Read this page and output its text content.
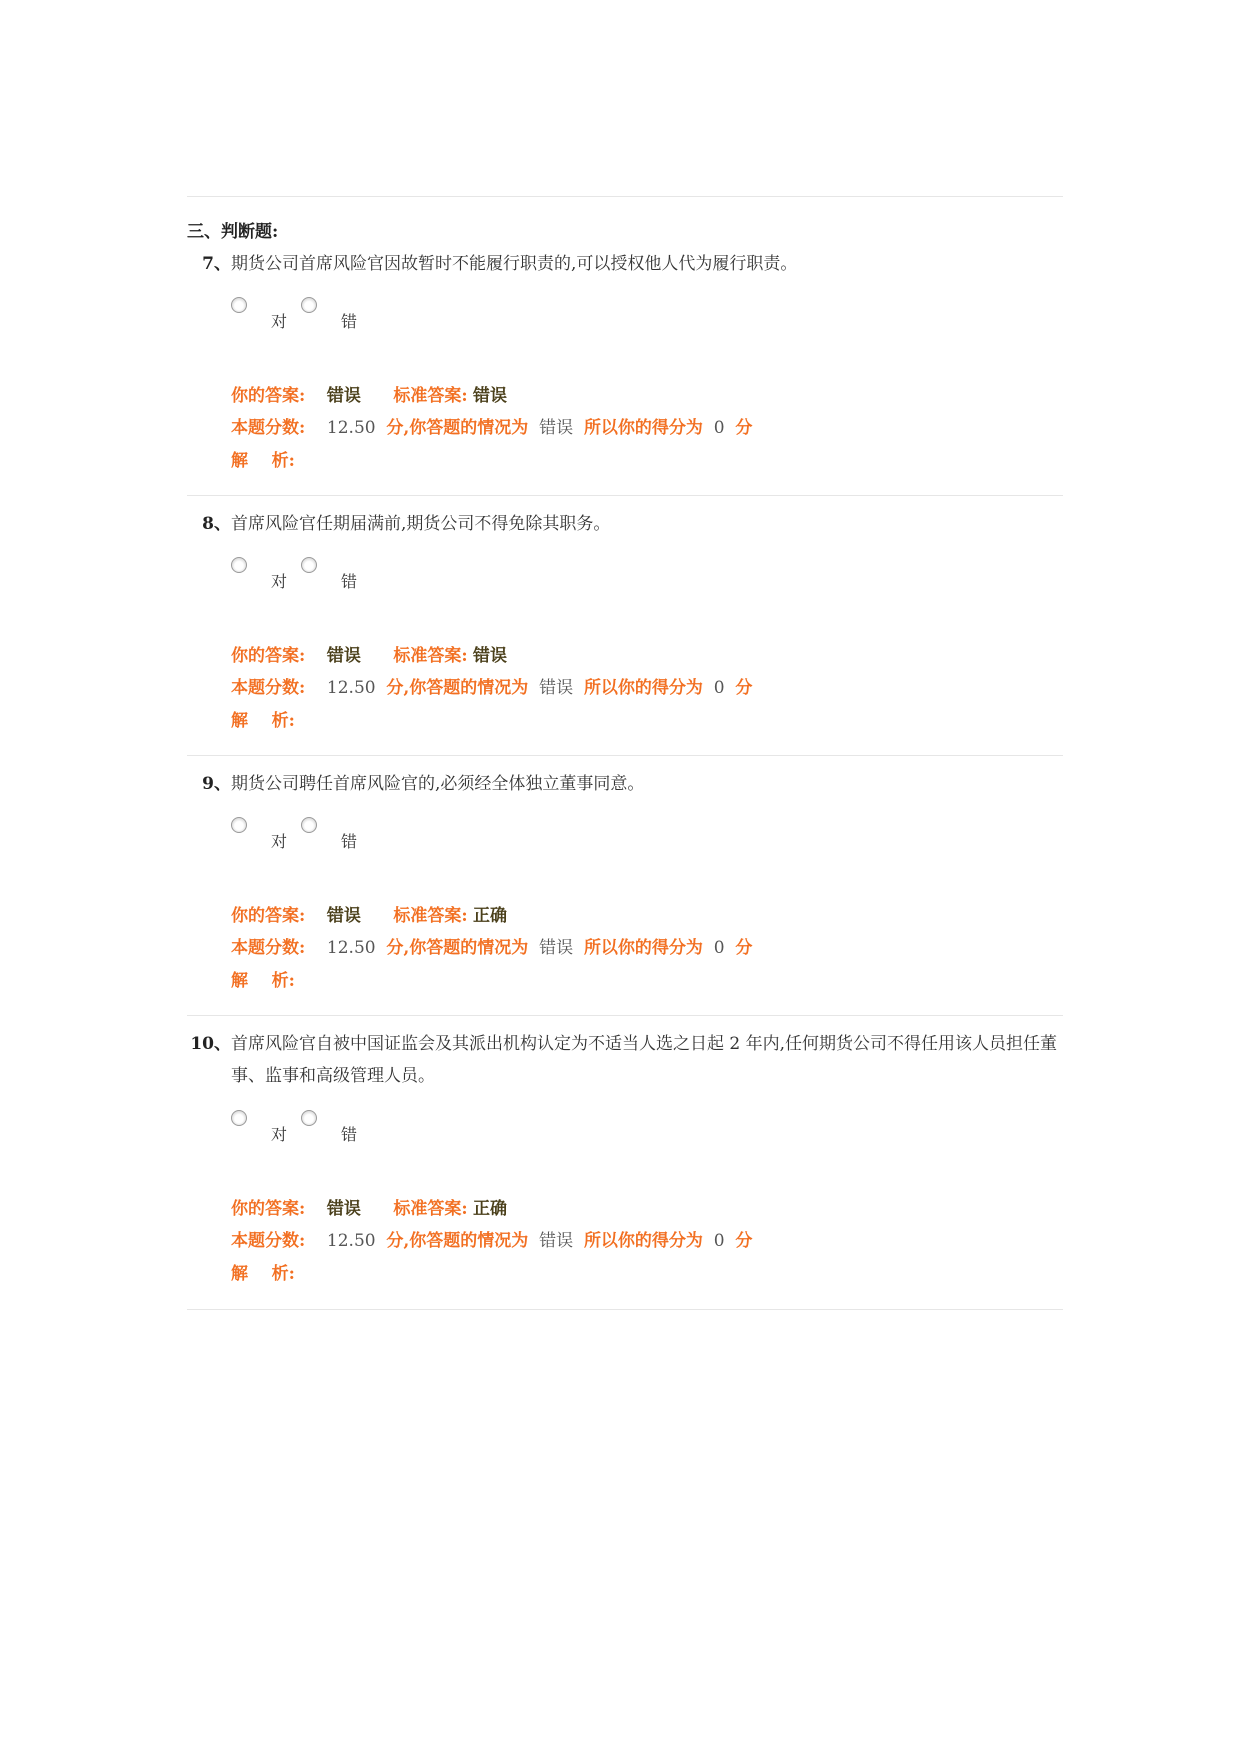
三、判断题:
7、 期货公司首席风险官因故暂时不能履行职责的,可以授权他人代为履行职责。
对	错
你的答案: 错误 标准答案: 错误
本题分数: 12.50 分,你答题的情况为 错误 所以你的得分为 0 分
解    析:
8、 首席风险官任期届满前,期货公司不得免除其职务。
对	错
你的答案: 错误 标准答案: 错误
本题分数: 12.50 分,你答题的情况为 错误 所以你的得分为 0 分
解    析:
9、 期货公司聘任首席风险官的,必须经全体独立董事同意。
对	错
你的答案: 错误 标准答案: 正确
本题分数: 12.50 分,你答题的情况为 错误 所以你的得分为 0 分
解    析:
10、 首席风险官自被中国证监会及其派出机构认定为不适当人选之日起 2 年内,任何期货公司不得任用该人员担任董事、监事和高级管理人员。
对	错
你的答案: 错误 标准答案: 正确
本题分数: 12.50 分,你答题的情况为 错误 所以你的得分为 0 分
解    析:
